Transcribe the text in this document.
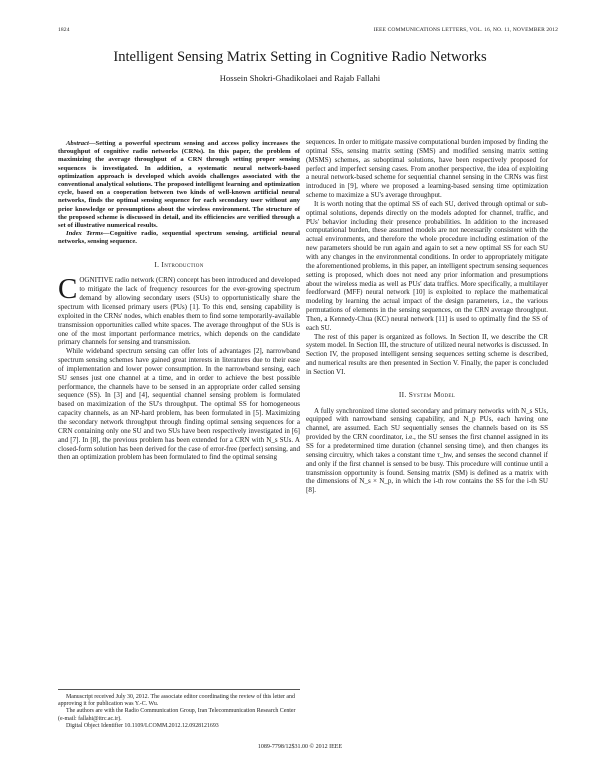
1824	IEEE COMMUNICATIONS LETTERS, VOL. 16, NO. 11, NOVEMBER 2012
Intelligent Sensing Matrix Setting in Cognitive Radio Networks
Hossein Shokri-Ghadikolaei and Rajab Fallahi

Abstract—Setting a powerful spectrum sensing and access policy increases the throughput of cognitive radio networks (CRNs). In this paper, the problem of maximizing the average throughput of a CRN through setting proper sensing sequences is investigated. In addition, a systematic neural network-based optimization approach is developed which avoids challenges associated with the conventional analytical solutions. The proposed intelligent learning and optimization cycle, based on a cooperation between two kinds of well-known artificial neural networks, finds the optimal sensing sequence for each secondary user without any prior knowledge or presumptions about the wireless environment. The structure of the proposed scheme is discussed in detail, and its efficiencies are verified through a set of illustrative numerical results.

Index Terms—Cognitive radio, sequential spectrum sensing, artificial neural networks, sensing sequence.

I. Introduction

COGNITIVE radio network (CRN) concept has been introduced and developed to mitigate the lack of frequency resources for the ever-growing spectrum demand by allowing secondary users (SUs) to opportunistically share the spectrum with licensed primary users (PUs) [1]. To this end, sensing capability is exploited in the CRNs' nodes, which enables them to find some temporarily-available transmission opportunities called white spaces. The average throughput of the SUs is one of the most important performance metrics, which depends on the candidate primary channels for sensing and transmission.

While wideband spectrum sensing can offer lots of advantages [2], narrowband spectrum sensing schemes have gained great interests in literatures due to their ease of implementation and lower power consumption. In the narrowband sensing, each SU senses just one channel at a time, and in order to achieve the best possible performance, the channels have to be sensed in an appropriate order called sensing sequence (SS). In [3] and [4], sequential channel sensing problem is formulated based on maximization of the SU's throughput. The optimal SS for homogeneous capacity channels, as an NP-hard problem, has been formulated in [5]. Maximizing the secondary network throughput through finding optimal sensing sequences for a CRN containing only one SU and two SUs have been respectively investigated in [6] and [7]. In [8], the previous problem has been extended for a CRN with N_s SUs. A closed-form solution has been derived for the case of error-free (perfect) sensing, and then an optimization problem has been formulated to find the optimal sensing

sequences. In order to mitigate massive computational burden imposed by finding the optimal SSs, sensing matrix setting (SMS) and modified sensing matrix setting (MSMS) schemes, as suboptimal solutions, have been respectively proposed for perfect and imperfect sensing cases. From another perspective, the idea of exploiting a neural network-based scheme for sequential channel sensing in the CRNs was first introduced in [9], where we proposed a learning-based sensing time optimization scheme to maximize a SU's average throughput.

It is worth noting that the optimal SS of each SU, derived through optimal or sub-optimal solutions, depends directly on the models adopted for channel, traffic, and PUs' behavior including their presence probabilities. In addition to the increased computational burden, these assumed models are not necessarily consistent with the actual environments, and therefore the whole procedure including estimation of the new parameters should be run again and again to set a new optimal SS for each SU with any changes in the environmental conditions. In order to appropriately mitigate the aforementioned problems, in this paper, an intelligent spectrum sensing sequences setting is proposed, which does not need any prior information and presumptions about the wireless media as well as PUs' data traffics. More specifically, a multilayer feedforward (MFF) neural network [10] is exploited to replace the mathematical modeling by learning the actual impact of the design parameters, i.e., the various permutations of elements in the sensing sequences, on the CRN average throughput. Then, a Kennedy-Chua (KC) neural network [11] is used to optimally find the SS of each SU.

The rest of this paper is organized as follows. In Section II, we describe the CR system model. In Section III, the structure of utilized neural networks is discussed. In Section IV, the proposed intelligent sensing sequences setting scheme is described, and numerical results are then presented in Section V. Finally, the paper is concluded in Section VI.

II. System Model

A fully synchronized time slotted secondary and primary networks with N_s SUs, equipped with narrowband sensing capability, and N_p PUs, each having one channel, are assumed. Each SU sequentially senses the channels based on its SS provided by the CRN coordinator, i.e., the SU senses the first channel assigned in its SS for a predetermined time duration (channel sensing time), and then changes its sensing circuitry, which takes a constant time τ_hw, and senses the second channel if and only if the first channel is sensed to be busy. This procedure will continue until a transmission opportunity is found. Sensing matrix (SM) is defined as a matrix with the dimensions of N_s × N_p, in which the i-th row contains the SS for the i-th SU [8].

Manuscript received July 30, 2012. The associate editor coordinating the review of this letter and approving it for publication was Y.-C. Wu.
The authors are with the Radio Communication Group, Iran Telecommunication Research Center (e-mail: fallahi@itrc.ac.ir).
Digital Object Identifier 10.1109/LCOMM.2012.12.0928121693
1089-7798/12$31.00 © 2012 IEEE
